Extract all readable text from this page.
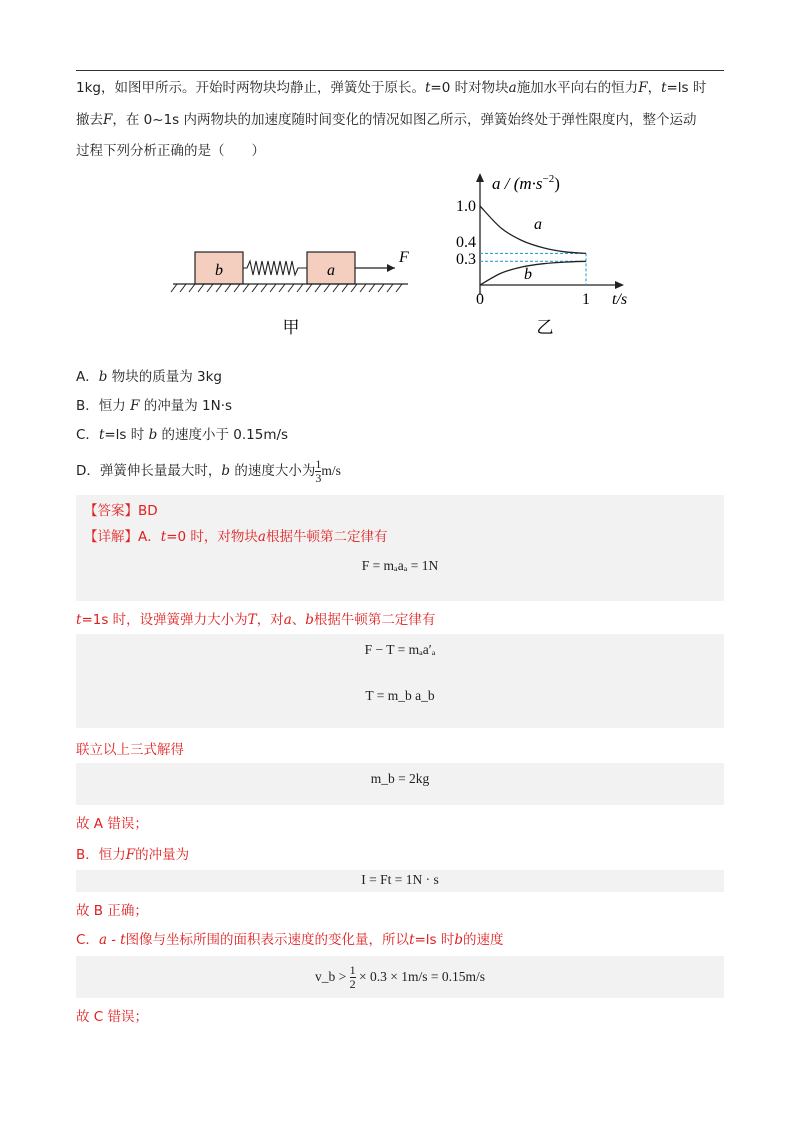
1kg，如图甲所示。开始时两物块均静止，弹簧处于原长。t=0 时对物块a施加水平向右的恒力F，t=ls 时
撤去F，在 0~1s 内两物块的加速度随时间变化的情况如图乙所示，弹簧始终处于弹性限度内，整个运动
过程下列分析正确的是（　　）
b	a
F
甲
$a / (m\cdot s^{-2})$
1.0
0.4
0.3
0	1 t/s
a
b
乙
A．b 物块的质量为 3kg
B．恒力 F 的冲量为 1N·s
C．t=ls 时 b 的速度小于 0.15m/s
D．弹簧伸长量最大时，b 的速度大小为 $\frac{1}{3} m/s$
【答案】BD
【详解】A．t=0 时，对物块a根据牛顿第二定律有
F = mₐaₐ = 1N
t=1s 时，设弹簧弹力大小为T，对a、b根据牛顿第二定律有
F − T = mₐa′ₐ
T = m_b a_b
联立以上三式解得
m_b = 2kg
故 A 错误；
B．恒力F的冲量为
I = Ft = 1N · s
故 B 正确；
C．a - t图像与坐标所围的面积表示速度的变化量，所以t=ls 时b的速度
v_b > $\frac{1}{2} \times 0.3 \times 1m/s = 0.15m/s$
故 C 错误；
